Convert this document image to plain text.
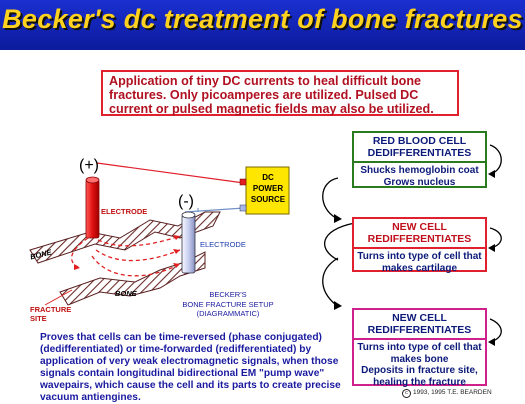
Becker's dc treatment of bone fractures
Application of tiny DC currents to heal difficult bone fractures. Only picoamperes are utilized. Pulsed DC current or pulsed magnetic fields may also be utilized.
(+)
(-)
ELECTRODE
ELECTRODE
DC
POWER
SOURCE
BONE
BONE
FRACTURE
SITE
BECKER'S
BONE FRACTURE SETUP
(DIAGRAMMATIC)
RED BLOOD CELL
DEDIFFERENTIATES
Shucks hemoglobin coat
Grows nucleus
NEW CELL
REDIFFERENTIATES
Turns into type of cell that
makes cartilage
NEW CELL
REDIFFERENTIATES
Turns into type of cell that
makes bone
Deposits in fracture site,
healing the fracture
Proves that cells can be time-reversed (phase conjugated) (dedifferentiated) or time-forwarded (redifferentiated) by application of very weak electromagnetic signals, when those signals contain longitudinal bidirectional EM "pump wave" wavepairs, which cause the cell and its parts to create precise vacuum antiengines.	c 1993, 1995 T.E. BEARDEN
